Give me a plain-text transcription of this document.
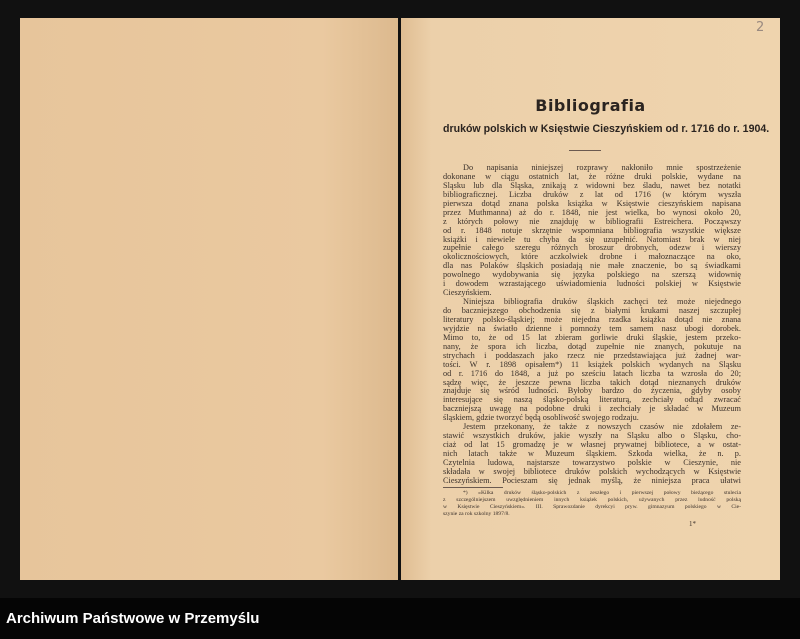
2
Bibliografia
druków polskich w Księstwie Cieszyńskiem od r. 1716 do r. 1904.
Do napisania niniejszej rozprawy nakłoniło mnie spostrzeżenie
dokonane w ciągu ostatnich lat, że różne druki polskie, wydane na
Śląsku lub dla Śląska, znikają z widowni bez śladu, nawet bez notatki
bibliograficznej. Liczba druków z lat od 1716 (w którym wyszła
pierwsza dotąd znana polska książka w Księstwie cieszyńskiem napisana
przez Muthmanna) aż do r. 1848, nie jest wielka, bo wynosi około 20,
z których połowy nie znajduję w bibliografii Estreichera. Począwszy
od r. 1848 notuje skrzętnie wspomniana bibliografia wszystkie większe
książki i niewiele tu chyba da się uzupełnić. Natomiast brak w niej
zupełnie całego szeregu różnych broszur drobnych, odezw i wierszy
okolicznościowych, które aczkolwiek drobne i małoznaczące na oko,
dla nas Polaków śląskich posiadają nie małe znaczenie, bo są świadkami
powolnego wydobywania się języka polskiego na szerszą widownię
i dowodem wzrastającego uświadomienia ludności polskiej w Księstwie
Cieszyńskiem.
Niniejsza bibliografia druków śląskich zachęci też może niejednego
do baczniejszego obchodzenia się z białymi krukami naszej szczupłej
literatury polsko-śląskiej; może niejedna rzadka książka dotąd nie znana
wyjdzie na światło dzienne i pomnoży tem samem nasz ubogi dorobek.
Mimo to, że od 15 lat zbieram gorliwie druki śląskie, jestem przeko-
nany, że spora ich liczba, dotąd zupełnie nie znanych, pokutuje na
strychach i poddaszach jako rzecz nie przedstawiająca już żadnej war-
tości. W r. 1898 opisałem*) 11 książek polskich wydanych na Śląsku
od r. 1716 do 1848, a już po sześciu latach liczba ta wzrosła do 20;
sądzę więc, że jeszcze pewna liczba takich dotąd nieznanych druków
znajduje się wśród ludności. Byłoby bardzo do życzenia, gdyby osoby
interesujące się naszą śląsko-polską literaturą, zechciały odtąd zwracać
baczniejszą uwagę na podobne druki i zechciały je składać w Muzeum
śląskiem, gdzie tworzyć będą osobliwość swojego rodzaju.
Jestem przekonany, że także z nowszych czasów nie zdołałem ze-
stawić wszystkich druków, jakie wyszły na Śląsku albo o Śląsku, cho-
ciaż od lat 15 gromadzę je w własnej prywatnej bibliotece, a w ostat-
nich latach także w Muzeum śląskiem. Szkoda wielka, że n. p.
Czytelnia ludowa, najstarsze towarzystwo polskie w Cieszynie, nie
składała w swojej bibliotece druków polskich wychodzących w Księstwie
Cieszyńskiem. Pocieszam się jednak myślą, że niniejsza praca ułatwi
*) »Kilka druków śląsko-polskich z zeszłego i pierwszej połowy bieżącego stulecia
z szczególniejszem uwzględnieniem innych książek polskich, używanych przez ludność polską
w Księstwie Cieszyńskiem«. III. Sprawozdanie dyrekcyi pryw. gimnazyum polskiego w Cie-
szynie za rok szkolny 1897/8.
1*
Archiwum Państwowe w Przemyślu
